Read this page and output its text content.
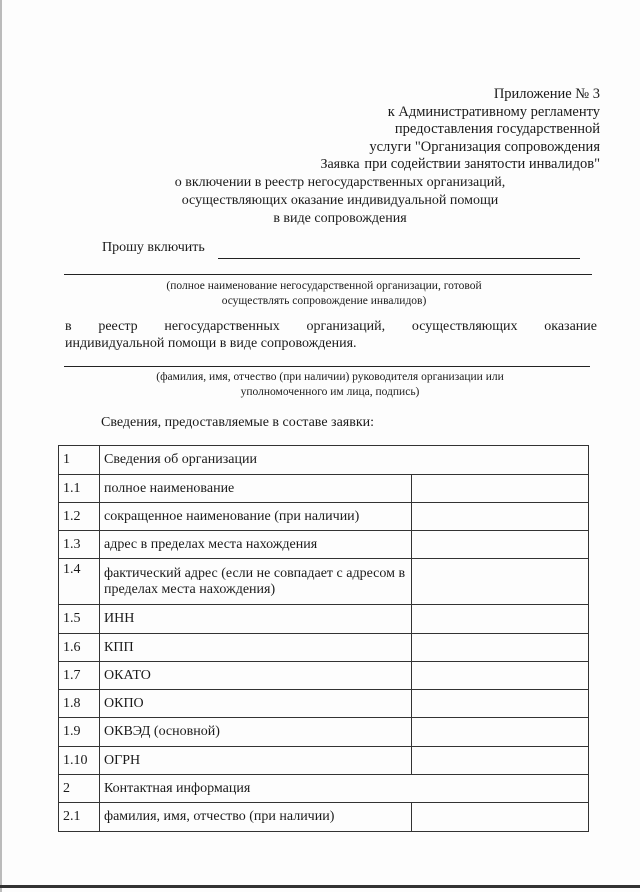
Приложение № 3
к Административному регламенту
предоставления государственной
услуги "Организация сопровождения
при содействии занятости инвалидов"
Заявка
о включении в реестр негосударственных организаций,
осуществляющих оказание индивидуальной помощи
в виде сопровождения
Прошу включить
(полное наименование негосударственной организации, готовой
осуществлять сопровождение инвалидов)
в реестр негосударственных организаций, осуществляющих оказание
индивидуальной помощи в виде сопровождения.
(фамилия, имя, отчество (при наличии) руководителя организации или
уполномоченного им лица, подпись)
Сведения, предоставляемые в составе заявки:
1	Сведения об организации	
1.1	полное наименование	
1.2	сокращенное наименование (при наличии)	
1.3	адрес в пределах места нахождения	
1.4	фактический адрес (если не совпадает с адресом в пределах места нахождения)	
1.5	ИНН	
1.6	КПП	
1.7	ОКАТО	
1.8	ОКПО	
1.9	ОКВЭД (основной)	
1.10	ОГРН	
2	Контактная информация	
2.1	фамилия, имя, отчество (при наличии)	
